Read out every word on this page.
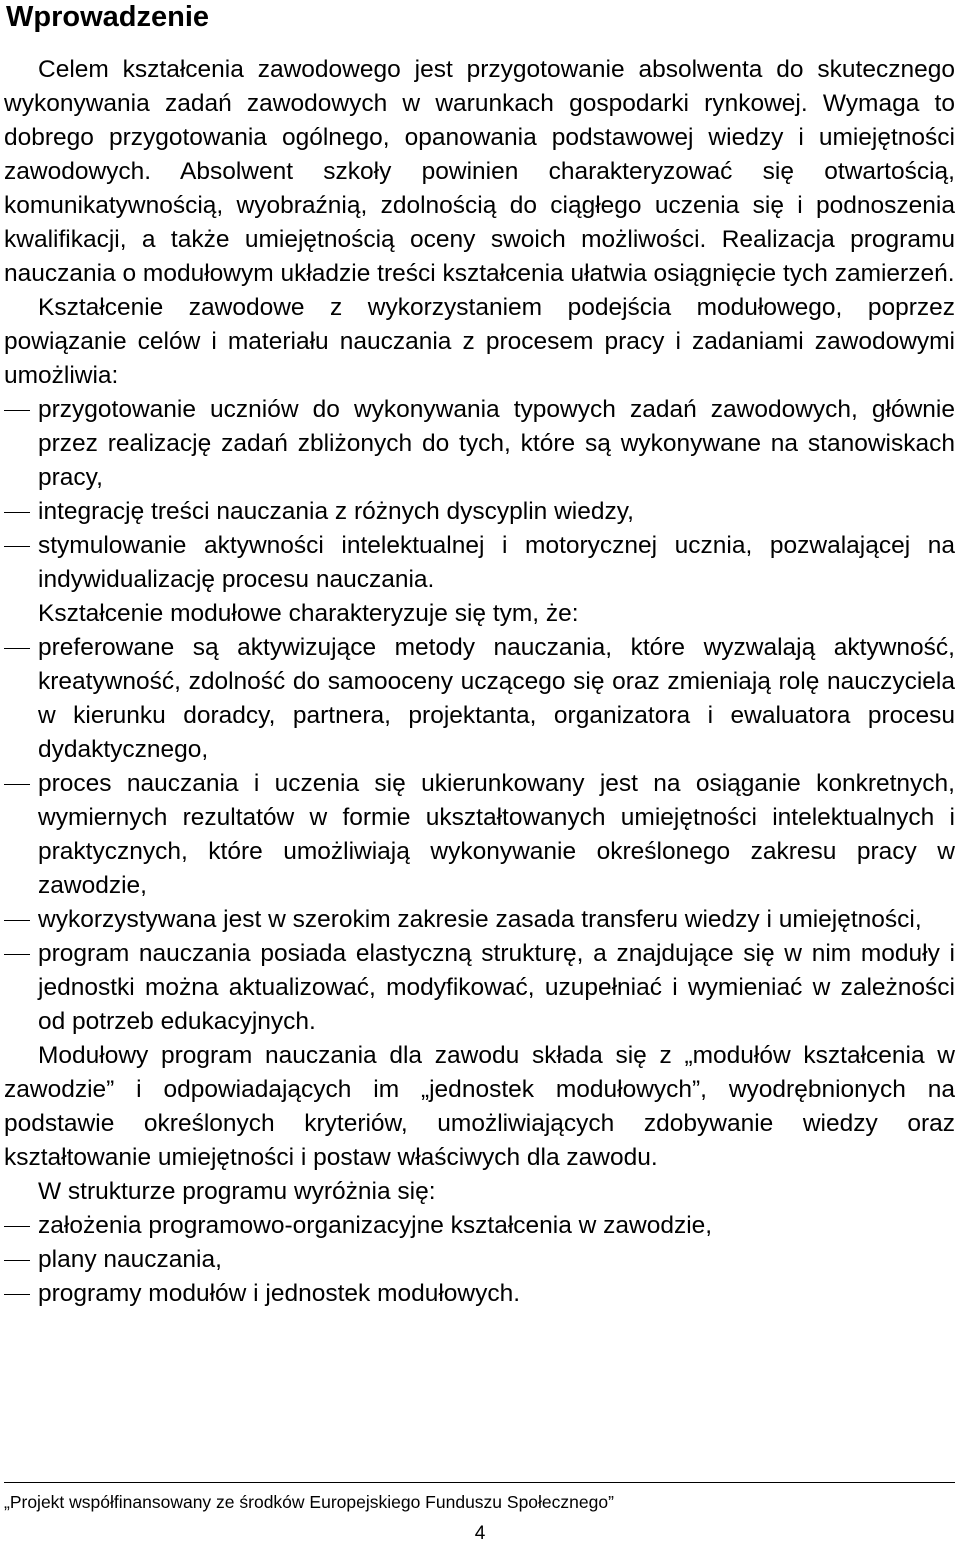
Wprowadzenie

Celem kształcenia zawodowego jest przygotowanie absolwenta do skutecznego wykonywania zadań zawodowych w warunkach gospodarki rynkowej. Wymaga to dobrego przygotowania ogólnego, opanowania podstawowej wiedzy i umiejętności zawodowych. Absolwent szkoły powinien charakteryzować się otwartością, komunikatywnością, wyobraźnią, zdolnością do ciągłego uczenia się i podnoszenia kwalifikacji, a także umiejętnością oceny swoich możliwości. Realizacja programu nauczania o modułowym układzie treści kształcenia ułatwia osiągnięcie tych zamierzeń.

Kształcenie zawodowe z wykorzystaniem podejścia modułowego, poprzez powiązanie celów i materiału nauczania z procesem pracy i zadaniami zawodowymi umożliwia:

przygotowanie uczniów do wykonywania typowych zadań zawodowych, głównie przez realizację zadań zbliżonych do tych, które są wykonywane na stanowiskach pracy,
integrację treści nauczania z różnych dyscyplin wiedzy,
stymulowanie aktywności intelektualnej i motorycznej ucznia, pozwalającej na indywidualizację procesu nauczania.

Kształcenie modułowe charakteryzuje się tym, że:

preferowane są aktywizujące metody nauczania, które wyzwalają aktywność, kreatywność, zdolność do samooceny uczącego się oraz zmieniają rolę nauczyciela w kierunku doradcy, partnera, projektanta, organizatora i ewaluatora procesu dydaktycznego,
proces nauczania i uczenia się ukierunkowany jest na osiąganie konkretnych, wymiernych rezultatów w formie ukształtowanych umiejętności intelektualnych i praktycznych, które umożliwiają wykonywanie określonego zakresu pracy w zawodzie,
wykorzystywana jest w szerokim zakresie zasada transferu wiedzy i umiejętności,
program nauczania posiada elastyczną strukturę, a znajdujące się w nim moduły i jednostki można aktualizować, modyfikować, uzupełniać i wymieniać w zależności od potrzeb edukacyjnych.

Modułowy program nauczania dla zawodu składa się z „modułów kształcenia w zawodzie” i odpowiadających im „jednostek modułowych”, wyodrębnionych na podstawie określonych kryteriów, umożliwiających zdobywanie wiedzy oraz kształtowanie umiejętności i postaw właściwych dla zawodu.

W strukturze programu wyróżnia się:

założenia programowo-organizacyjne kształcenia w zawodzie,
plany nauczania,
programy modułów i jednostek modułowych.
„Projekt współfinansowany ze środków Europejskiego Funduszu Społecznego”
4
